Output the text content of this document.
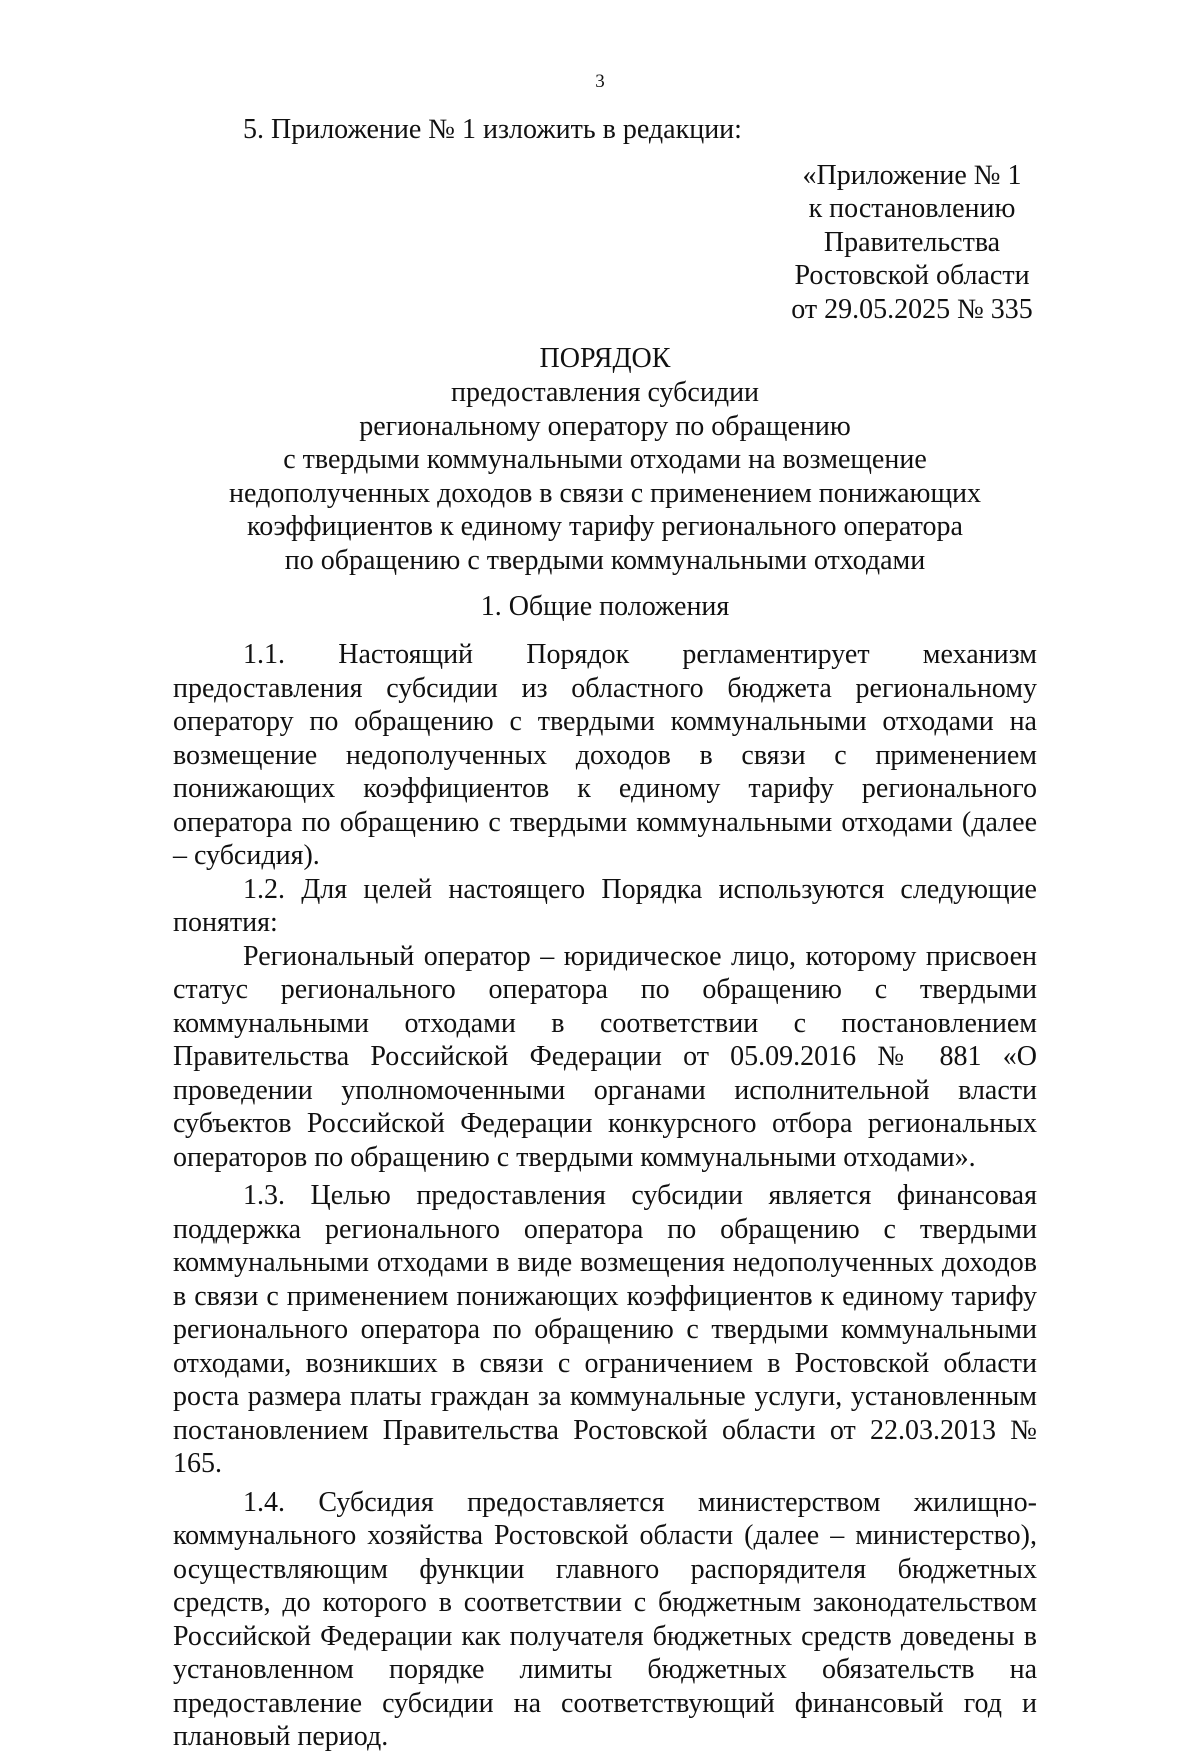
3

5. Приложение № 1 изложить в редакции:

«Приложение № 1
к постановлению
Правительства
Ростовской области
от 29.05.2025 № 335
ПОРЯДОК
предоставления субсидии
региональному оператору по обращению
с твердыми коммунальными отходами на возмещение
недополученных доходов в связи с применением понижающих
коэффициентов к единому тарифу регионального оператора
по обращению с твердыми коммунальными отходами
1. Общие положения

1.1. Настоящий Порядок регламентирует механизм предоставления субсидии из областного бюджета региональному оператору по обращению с твердыми коммунальными отходами на возмещение недополученных доходов в связи с применением понижающих коэффициентов к единому тарифу регионального оператора по обращению с твердыми коммунальными отходами (далее – субсидия).

1.2. Для целей настоящего Порядка используются следующие понятия:

Региональный оператор – юридическое лицо, которому присвоен статус регионального оператора по обращению с твердыми коммунальными отходами в соответствии с постановлением Правительства Российской Федерации от 05.09.2016 № 881 «О проведении уполномоченными органами исполнительной власти субъектов Российской Федерации конкурсного отбора региональных операторов по обращению с твердыми коммунальными отходами».

1.3. Целью предоставления субсидии является финансовая поддержка регионального оператора по обращению с твердыми коммунальными отходами в виде возмещения недополученных доходов в связи с применением понижающих коэффициентов к единому тарифу регионального оператора по обращению с твердыми коммунальными отходами, возникших в связи с ограничением в Ростовской области роста размера платы граждан за коммунальные услуги, установленным постановлением Правительства Ростовской области от 22.03.2013 № 165.

1.4. Субсидия предоставляется министерством жилищно-коммунального хозяйства Ростовской области (далее – министерство), осуществляющим функции главного распорядителя бюджетных средств, до которого в соответствии с бюджетным законодательством Российской Федерации как получателя бюджетных средств доведены в установленном порядке лимиты бюджетных обязательств на предоставление субсидии на соответствующий финансовый год и плановый период.
